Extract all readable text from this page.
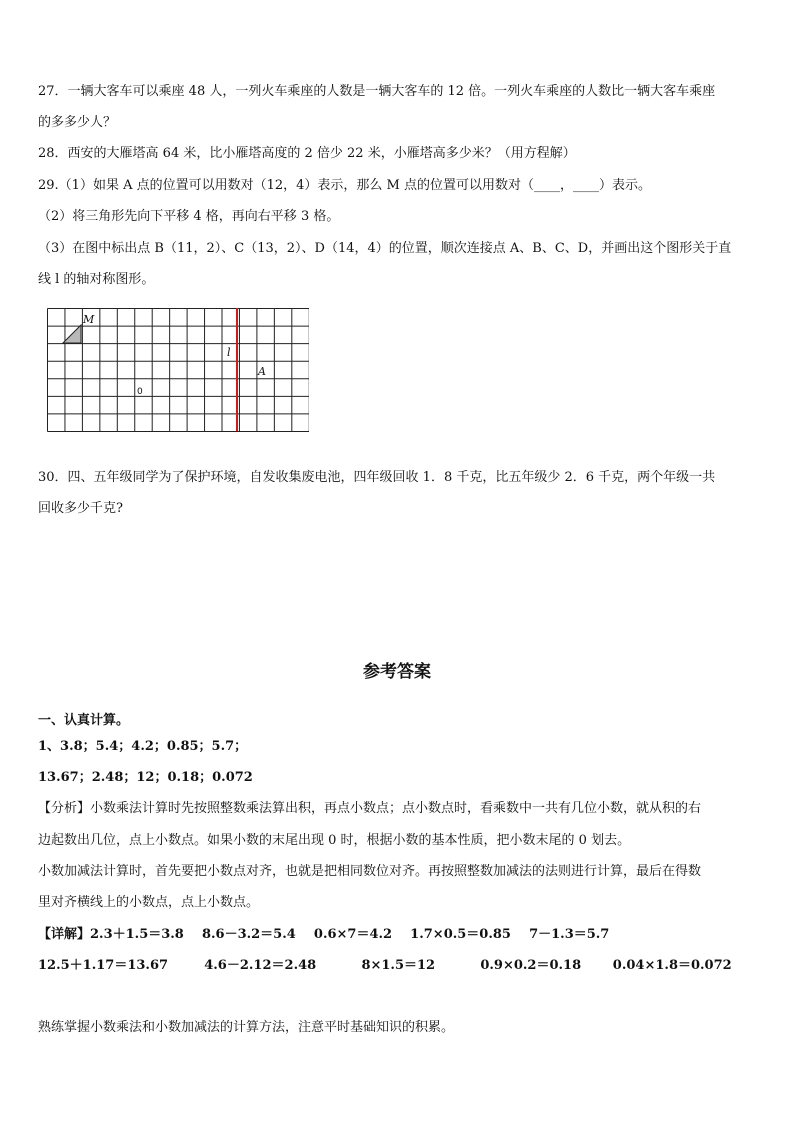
27．一辆大客车可以乘座 48 人，一列火车乘座的人数是一辆大客车的 12 倍。一列火车乘座的人数比一辆大客车乘座
的多多少人？
28．西安的大雁塔高 64 米，比小雁塔高度的 2 倍少 22 米，小雁塔高多少米？（用方程解）
29.（1）如果 A 点的位置可以用数对（12，4）表示，那么 M 点的位置可以用数对（____，____）表示。
（2）将三角形先向下平移 4 格，再向右平移 3 格。
（3）在图中标出点 B（11，2）、C（13，2）、D（14，4）的位置，顺次连接点 A、B、C、D，并画出这个图形关于直
线 l 的轴对称图形。
M
l
A
0
30．四、五年级同学为了保护环境，自发收集废电池，四年级回收 1．8 千克，比五年级少 2．6 千克，两个年级一共
回收多少千克?
参考答案
一、认真计算。
1、3.8；5.4；4.2；0.85；5.7；
13.67；2.48；12；0.18；0.072
【分析】小数乘法计算时先按照整数乘法算出积，再点小数点；点小数点时，看乘数中一共有几位小数，就从积的右
边起数出几位，点上小数点。如果小数的末尾出现 0 时，根据小数的基本性质，把小数末尾的 0 划去。
小数加减法计算时，首先要把小数点对齐，也就是把相同数位对齐。再按照整数加减法的法则进行计算，最后在得数
里对齐横线上的小数点，点上小数点。
【详解】2.3＋1.5＝3.8    8.6－3.2＝5.4    0.6×7＝4.2    1.7×0.5＝0.85    7－1.3＝5.7
12.5＋1.17＝13.67        4.6－2.12＝2.48          8×1.5＝12          0.9×0.2＝0.18       0.04×1.8＝0.072
熟练掌握小数乘法和小数加减法的计算方法，注意平时基础知识的积累。
